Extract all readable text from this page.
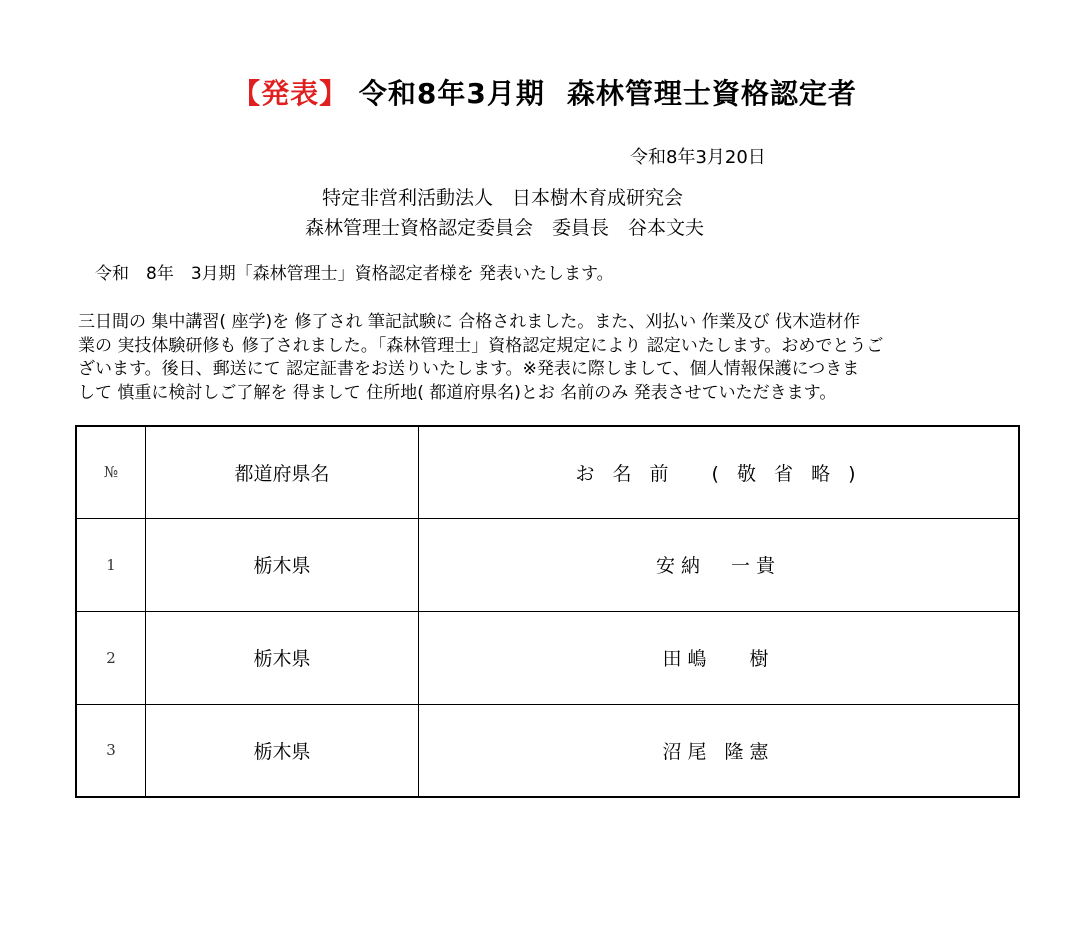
【発表】 令和8年3月期 森林管理士資格認定者
令和8年3月20日
特定非営利活動法人　日本樹木育成研究会
森林管理士資格認定委員会　委員長　谷本文夫
令和　8年　3月期「森林管理士」資格認定者様を 発表いたします。
三日間の 集中講習( 座学)を 修了され 筆記試験に 合格されました。また、刈払い 作業及び 伐木造材作
業の 実技体験研修も 修了されました。「森林管理士」資格認定規定により 認定いたします。おめでとうご
ざいます。後日、郵送にて 認定証書をお送りいたします。※発表に際しまして、個人情報保護につきま
して 慎重に検討しご了解を 得まして 住所地( 都道府県名)とお 名前のみ 発表させていただきます。
№	都道府県名	お 名 前　 ( 敬 省 略 )
1	栃木県	安納　一貴
2	栃木県	田嶋　 樹
3	栃木県	沼尾 隆憲
